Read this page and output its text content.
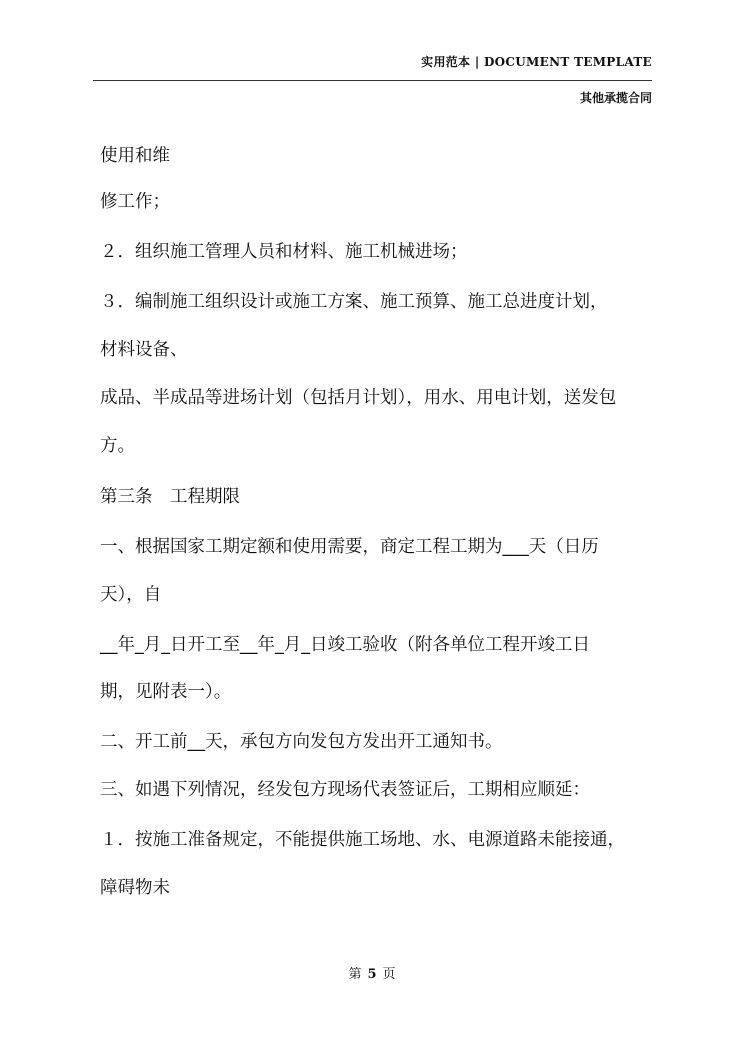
实用范本 | DOCUMENT TEMPLATE
其他承揽合同
使用和维
修工作；
２．组织施工管理人员和材料、施工机械进场；
３．编制施工组织设计或施工方案、施工预算、施工总进度计划，
材料设备、
成品、半成品等进场计划（包括月计划），用水、用电计划，送发包
方。
第三条　工程期限
一、根据国家工期定额和使用需要，商定工程工期为___天（日历
天），自
__年_月_日开工至__年_月_日竣工验收（附各单位工程开竣工日
期，见附表一）。
二、开工前__天，承包方向发包方发出开工通知书。
三、如遇下列情况，经发包方现场代表签证后，工期相应顺延：
１．按施工准备规定，不能提供施工场地、水、电源道路未能接通，
障碍物未
第 5 页
